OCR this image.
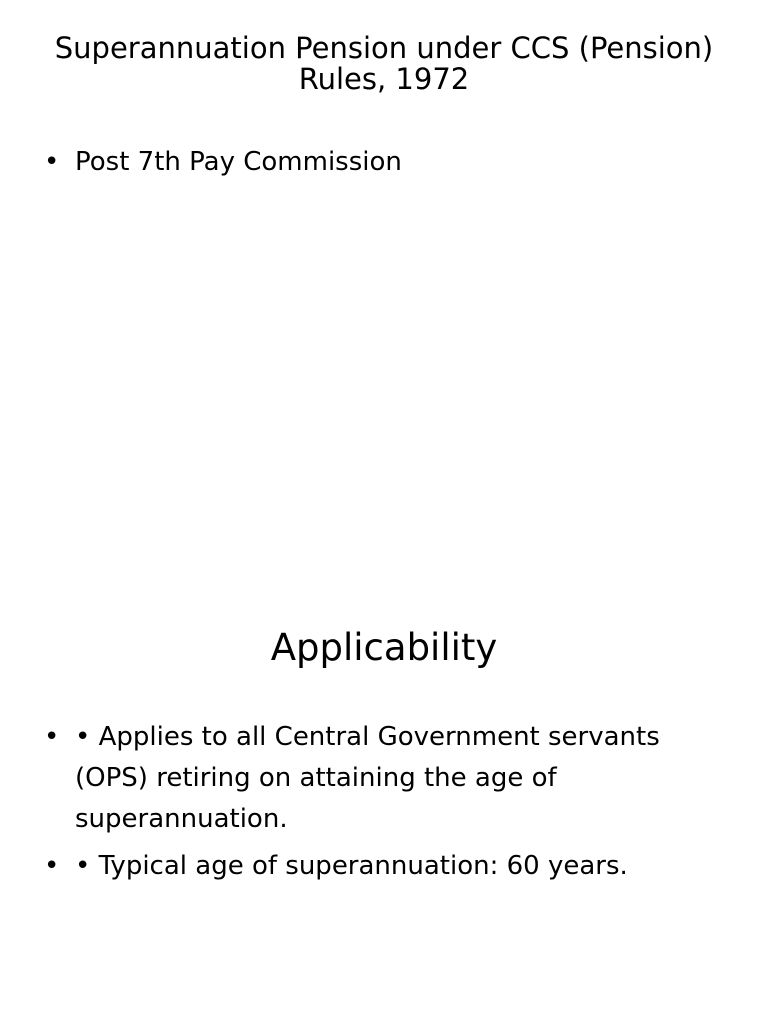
Superannuation Pension under CCS (Pension) Rules, 1972
• Post 7th Pay Commission
Applicability
• • Applies to all Central Government servants (OPS) retiring on attaining the age of superannuation.
• • Typical age of superannuation: 60 years.
